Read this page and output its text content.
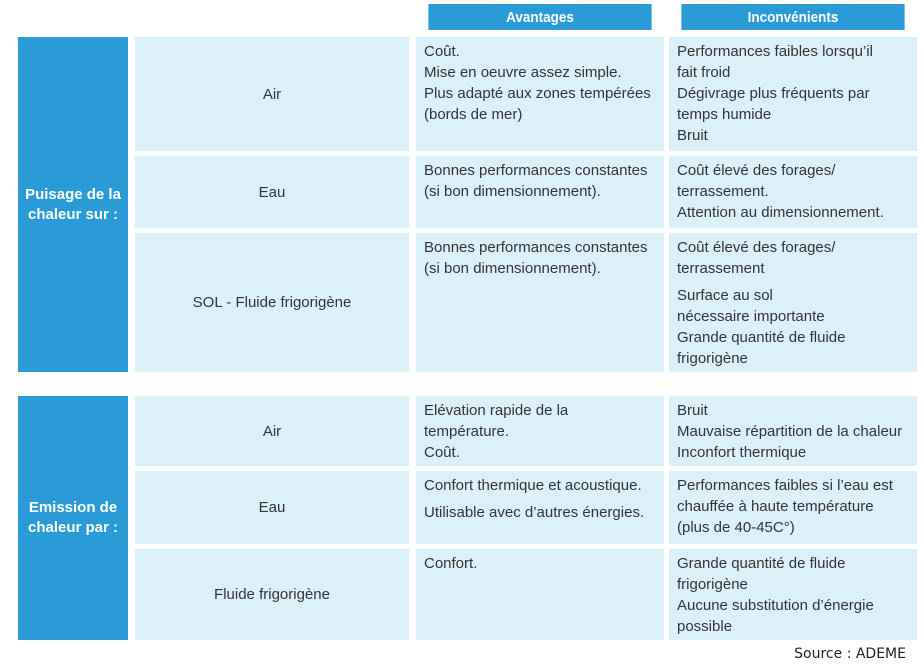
Avantages	Inconvénients
Puisage de la
chaleur sur :
Air
Coût.
Mise en oeuvre assez simple.
Plus adapté aux zones tempérées
(bords de mer)
Performances faibles lorsqu’il
fait froid
Dégivrage plus fréquents par
temps humide
Bruit
Eau
Bonnes performances constantes
(si bon dimensionnement).
Coût élevé des forages/
terrassement.
Attention au dimensionnement.
SOL - Fluide frigorigène
Bonnes performances constantes
(si bon dimensionnement).
Coût élevé des forages/
terrassement
Surface au sol
nécessaire importante
Grande quantité de fluide
frigorigène
Emission de
chaleur par :
Air
Elévation rapide de la
température.
Coût.
Bruit
Mauvaise répartition de la chaleur
Inconfort thermique
Eau
Confort thermique et acoustique.
Utilisable avec d’autres énergies.
Performances faibles si l’eau est
chauffée à haute température
(plus de 40-45C°)
Fluide frigorigène
Confort.	Grande quantité de fluide
frigorigène
Aucune substitution d’énergie
possible
Source : ADEME
